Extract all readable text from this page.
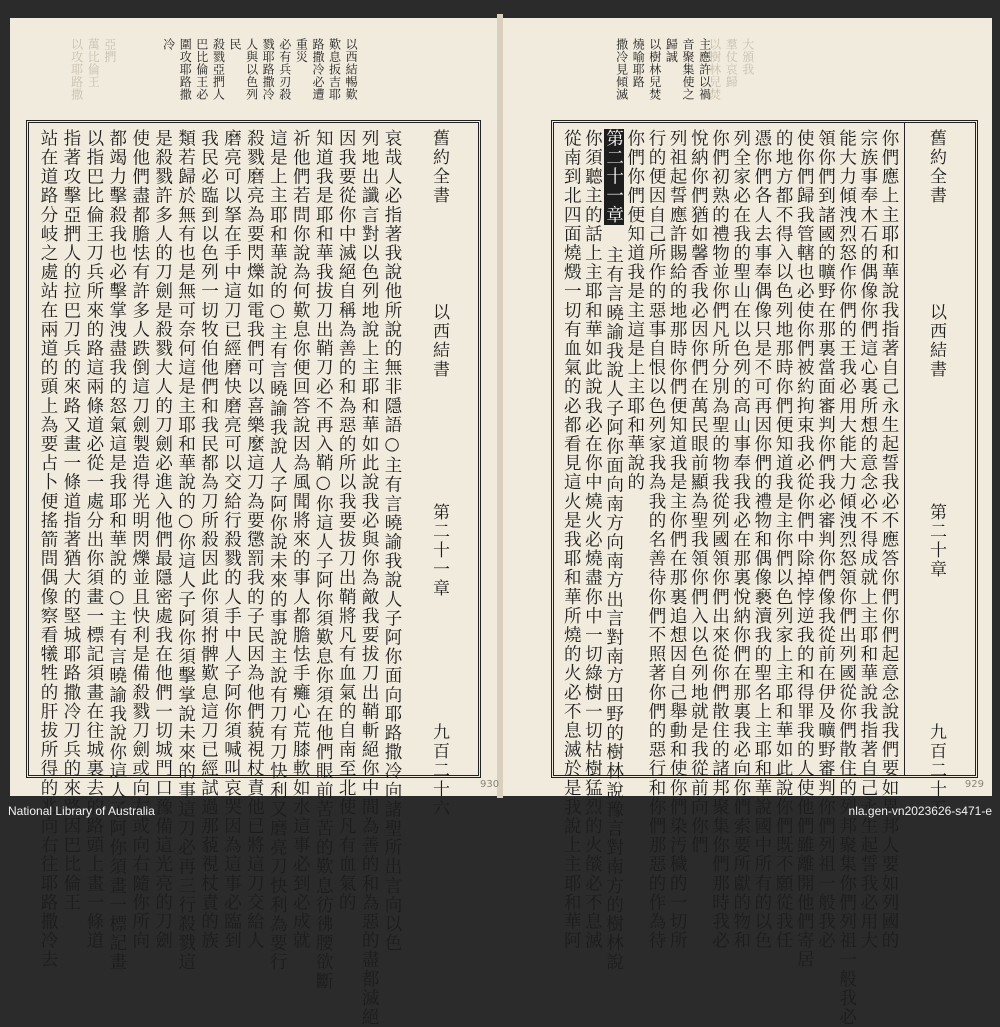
亞捫
萬比倫王
以攻耶路撒	以西結𣈱歎
歎息扳吉耶
路撒冷必遭
重災
必有兵刃殺
戮耶路撒冷
人與以色列
民
殺戮亞捫人
巴比倫王必
圍攻耶路撒
冷
舊約全書
以西結書
第二十一章
九百二十六
哀哉人必指著我說他所說的無非隱語○主有言曉諭我說人子阿你面向耶路撒冷向諸聖所出言向以色
列地出讖言對以色列地說上主耶和華如此說我必與你為敵我要拔刀出鞘斬絕你中間為善的和為惡的盡都滅絕
因我要從你中滅絕自稱為善的和為惡的所以我要拔刀出鞘將凡有血氣的自南至北使凡有血氣的
知道我是耶和華我拔刀出鞘刀必不再入鞘○你這人子阿你須歎息你須在他們眼前苦苦的歎息彷彿腰欲斷
祈他們若問你說為何歎息你便回答說因為風聞將來的事人都膽怯手癱心荒膝軟如水這事必到必成就
這是上主耶和華說的○主有言曉諭我說人子阿你說未來的事說主說有刀有刀快利又磨亮刀快利為要行
殺戮磨亮為要閃爍如電我們可以喜樂麼這刀為要懲罰我的子民因為他們藐視杖責他已將這刀交給人
磨亮可以拏在手中這刀已經磨快磨亮可以交給行殺戮的人手中人子阿你須喊叫哀哭因為這事必臨到
我民必臨到以色列一切牧伯他們和我民都為刀所殺因此你須拊髀歎息這刀已經試過那藐視杖責的族
類若歸於無有也是無可奈何這是主耶和華說的○你這人子阿你須擊掌說未來的事這刀必再三行殺戮這
是殺戮許多人的刀劍是殺戮大人的刀劍必進入他們最隱密處我在他們一切城門口豫備這光亮的刀劍
使他們盡都膽怯有許多人跌倒這刀劍製造得光明閃爍並且快利是備殺戮刀劍或向左或向右隨你所向
都竭力擊殺我也必擊掌洩盡我的怒氣這是我耶和華說的○主有言曉諭我說你這人子阿你須畫一標記畫
以指巴比倫王刀兵所來的路這兩條道必從一處分出你須畫一標記須畫在往城裏去的路頭上畫一條道
指著攻擊亞捫人的拉巴刀兵的來路又畫一條道指著猶大的堅城耶路撒冷刀兵的來路因巴比倫王
站在道路分岐之處站在兩道的頭上為要占卜便搖箭問偶像察看犧牲的肝拔所得的兆向右往耶路撒冷去	930
主應許以禍
音聚集使之
歸誠
以樹林兒焚
燒喻耶路
撒冷見傾滅	大頒我
羣仗哀歸
以樹林兒焚
舊約全書
以西結書
第二十章
九百二十五
你們應上主耶和華說我指著自己永生起誓我必不應答你們你們起意念說我們要如異邦人要如列國的
宗族事奉木石的偶像你們這心裏所想的意念必不得成就上主耶和華說我指著自己永生起誓我必用大
能大力傾洩烈怒作你們的王我必用大能大力傾洩烈怒領你們出列國從你們散住的列邦聚集你們列祖一般我必
領你們到諸國的曠野在那裏當面審判你們我必審判你們像我從前在伊及曠野審判你們列祖一般我必
使你們歸我管轄也必使你們被約拘束我必從你們中除掉悖逆我的和得罪我的人使他們雖離開他們寄居
的地方都不得入以色列地那時你們便知道我是主你們以色列家上主耶和華如此說你們既不願從我任
憑你們各人去事奉偶像只是不可再因你們的禮物和偶像褻瀆我的聖名上主耶和華說國中所有的以色
列全家必在我的聖山在以色列的高山事奉我我必在那裏悅納你們在那裏我必向你們索要所獻的物和
你們初熟的禮物並你們凡所分別為聖的物我從列國領你們出來從你們散住的諸邦聚集你們那時我必
悅納你們猶如馨香我必因你們在萬民眼前顯為聖我領你們入以色列地就是我從前向你們
列祖起誓應許賜給的地那時你們便知道我是主你們在那裏追想因自己舉動和使你們染汚穢的一切所
行的便因自己所作的惡事自恨以色列家我為我的名善待你們不照著你們的惡行和你們那惡的作為待
你們你們便知道我是主這是上主耶和華說的
第二十一章 主有言曉諭我說人子阿你面向南方向南方出言對南方田野的樹林說豫言對南方的樹林說
你須聽主的話上主耶和華如此說我必在你中燒火必燒盡你中一切綠樹一切枯樹猛烈的火燄必不息滅
從南到北四面燒燬一切有血氣的必都看見這火是我耶和華所燒的火必不息滅於是我說上主耶和華阿	929
National Library of Australia	nla.gen-vn2023626-s471-e
